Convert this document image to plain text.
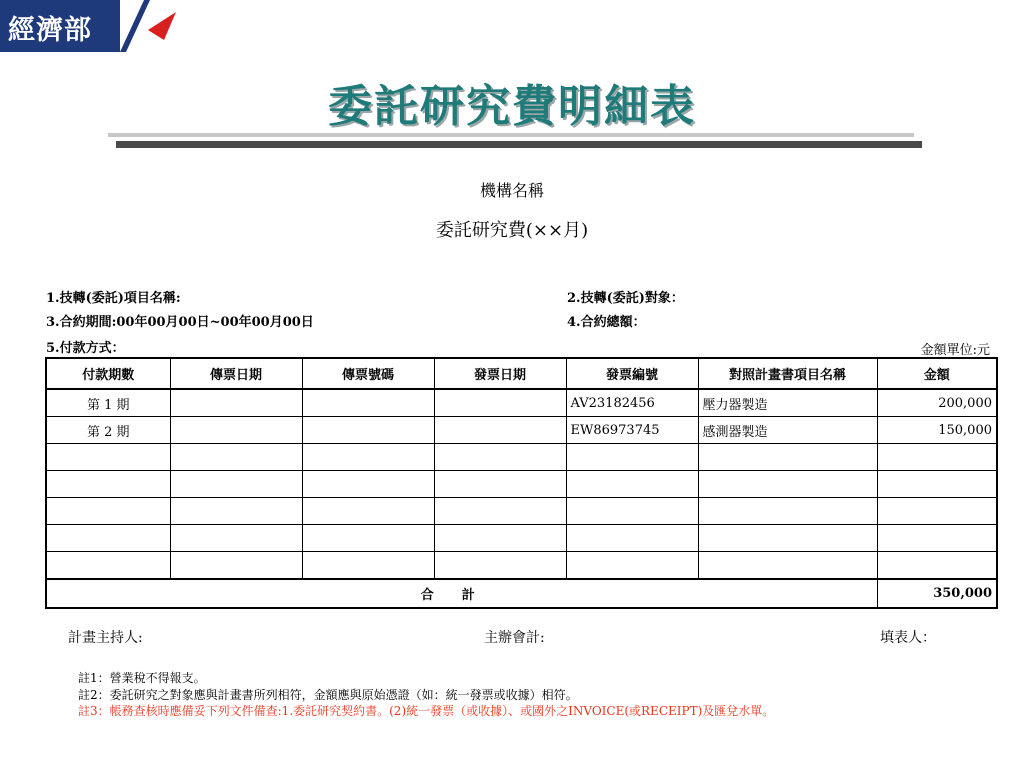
經濟部
委託研究費明細表
機構名稱
委託研究費(××月)
1.技轉(委託)項目名稱:	2.技轉(委託)對象：
3.合約期間:00年00月00日~00年00月00日	4.合約總額：
5.付款方式：	金額單位:元
付款期數	傳票日期	傳票號碼	發票日期	發票編號	對照計畫書項目名稱	金額
第 1 期				AV23182456	壓力器製造	200,000
第 2 期				EW86973745	感測器製造	150,000

合計						350,000
計畫主持人:	主辦會計:	填表人：
註1：營業稅不得報支。
註2：委託研究之對象應與計畫書所列相符，金額應與原始憑證（如：統一發票或收據）相符。
註3：帳務查核時應備妥下列文件備查:1.委託研究契約書。(2)統一發票（或收據）、或國外之INVOICE(或RECEIPT)及匯兌水單。
